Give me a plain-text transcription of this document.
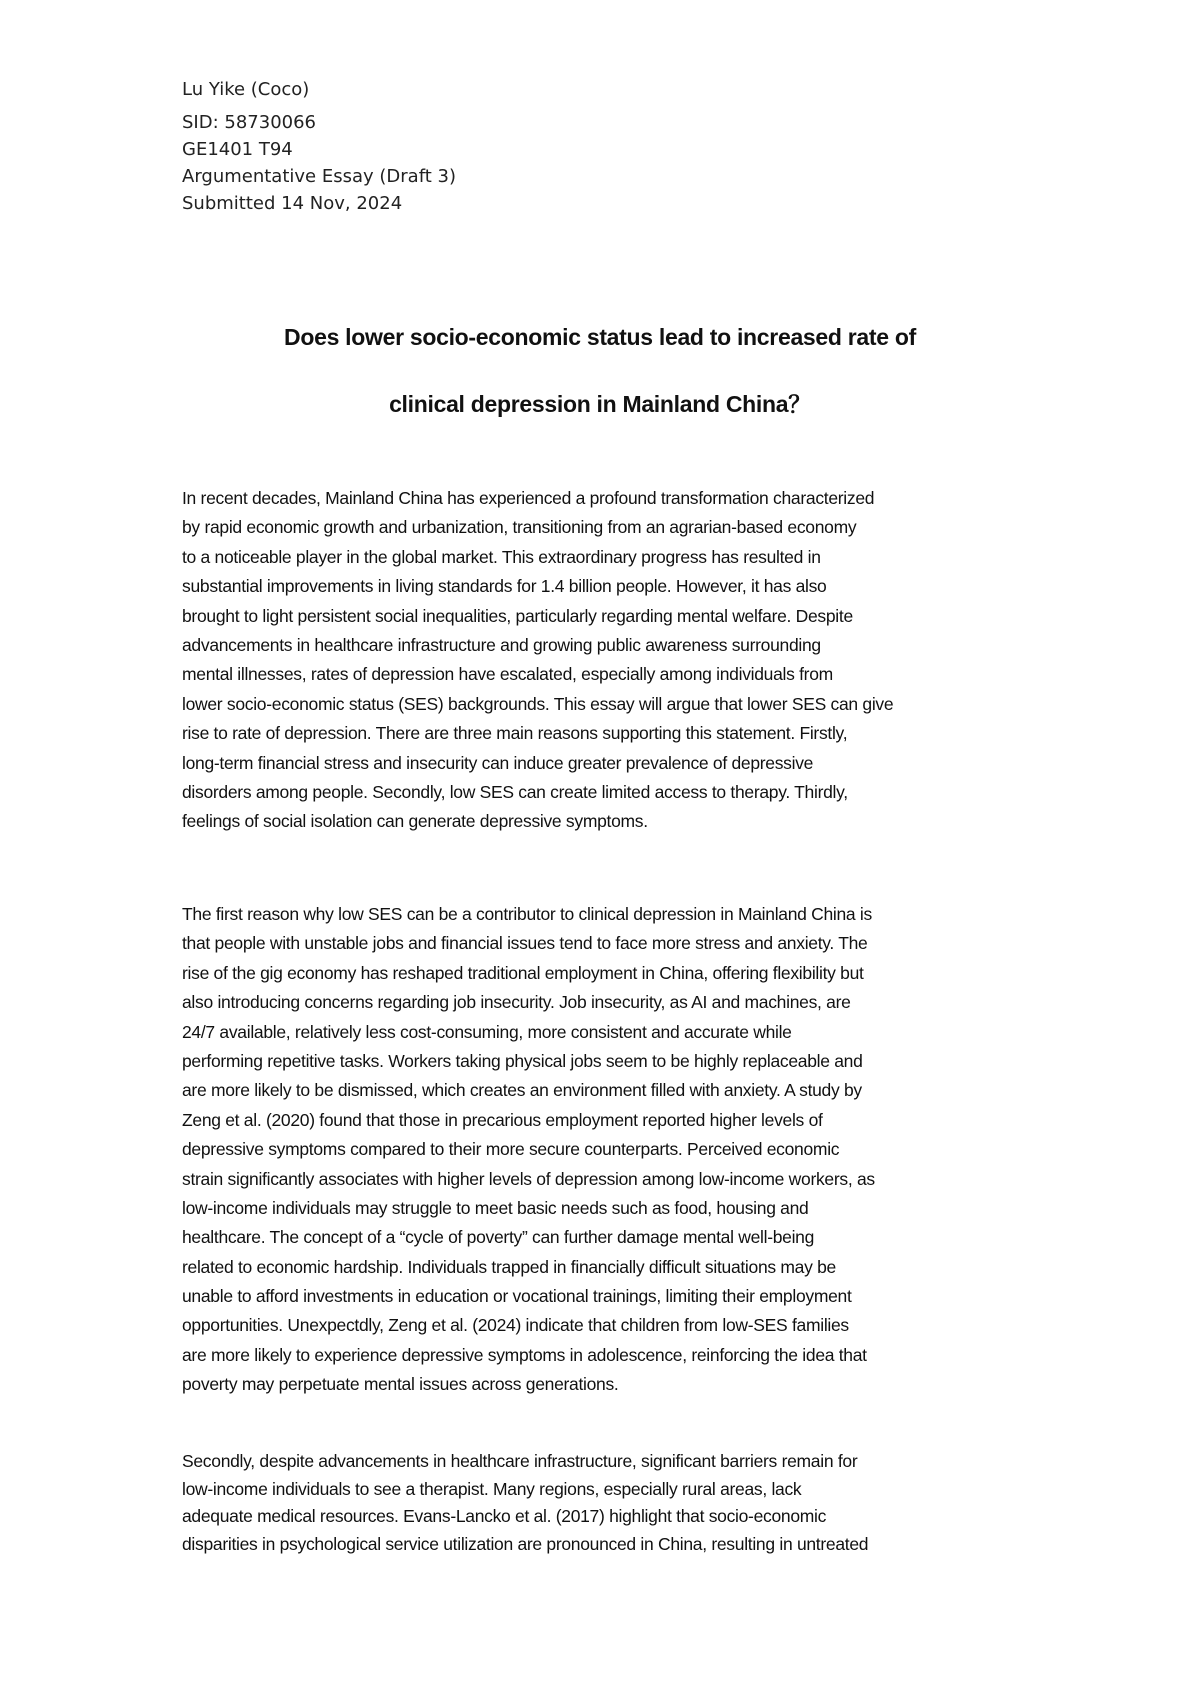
Lu Yike (Coco)
SID: 58730066
GE1401 T94
Argumentative Essay (Draft 3)
Submitted 14 Nov, 2024
Does lower socio-economic status lead to increased rate of
clinical depression in Mainland China？
In recent decades, Mainland China has experienced a profound transformation characterized
by rapid economic growth and urbanization, transitioning from an agrarian-based economy
to a noticeable player in the global market. This extraordinary progress has resulted in
substantial improvements in living standards for 1.4 billion people. However, it has also
brought to light persistent social inequalities, particularly regarding mental welfare. Despite
advancements in healthcare infrastructure and growing public awareness surrounding
mental illnesses, rates of depression have escalated, especially among individuals from
lower socio-economic status (SES) backgrounds. This essay will argue that lower SES can give
rise to rate of depression. There are three main reasons supporting this statement. Firstly,
long-term financial stress and insecurity can induce greater prevalence of depressive
disorders among people. Secondly, low SES can create limited access to therapy. Thirdly,
feelings of social isolation can generate depressive symptoms.
The first reason why low SES can be a contributor to clinical depression in Mainland China is
that people with unstable jobs and financial issues tend to face more stress and anxiety. The
rise of the gig economy has reshaped traditional employment in China, offering flexibility but
also introducing concerns regarding job insecurity. Job insecurity, as AI and machines, are
24/7 available, relatively less cost-consuming, more consistent and accurate while
performing repetitive tasks. Workers taking physical jobs seem to be highly replaceable and
are more likely to be dismissed, which creates an environment filled with anxiety. A study by
Zeng et al. (2020) found that those in precarious employment reported higher levels of
depressive symptoms compared to their more secure counterparts. Perceived economic
strain significantly associates with higher levels of depression among low-income workers, as
low-income individuals may struggle to meet basic needs such as food, housing and
healthcare. The concept of a “cycle of poverty” can further damage mental well-being
related to economic hardship. Individuals trapped in financially difficult situations may be
unable to afford investments in education or vocational trainings, limiting their employment
opportunities. Unexpectdly, Zeng et al. (2024) indicate that children from low-SES families
are more likely to experience depressive symptoms in adolescence, reinforcing the idea that
poverty may perpetuate mental issues across generations.
Secondly, despite advancements in healthcare infrastructure, significant barriers remain for
low-income individuals to see a therapist. Many regions, especially rural areas, lack
adequate medical resources. Evans-Lancko et al. (2017) highlight that socio-economic
disparities in psychological service utilization are pronounced in China, resulting in untreated
